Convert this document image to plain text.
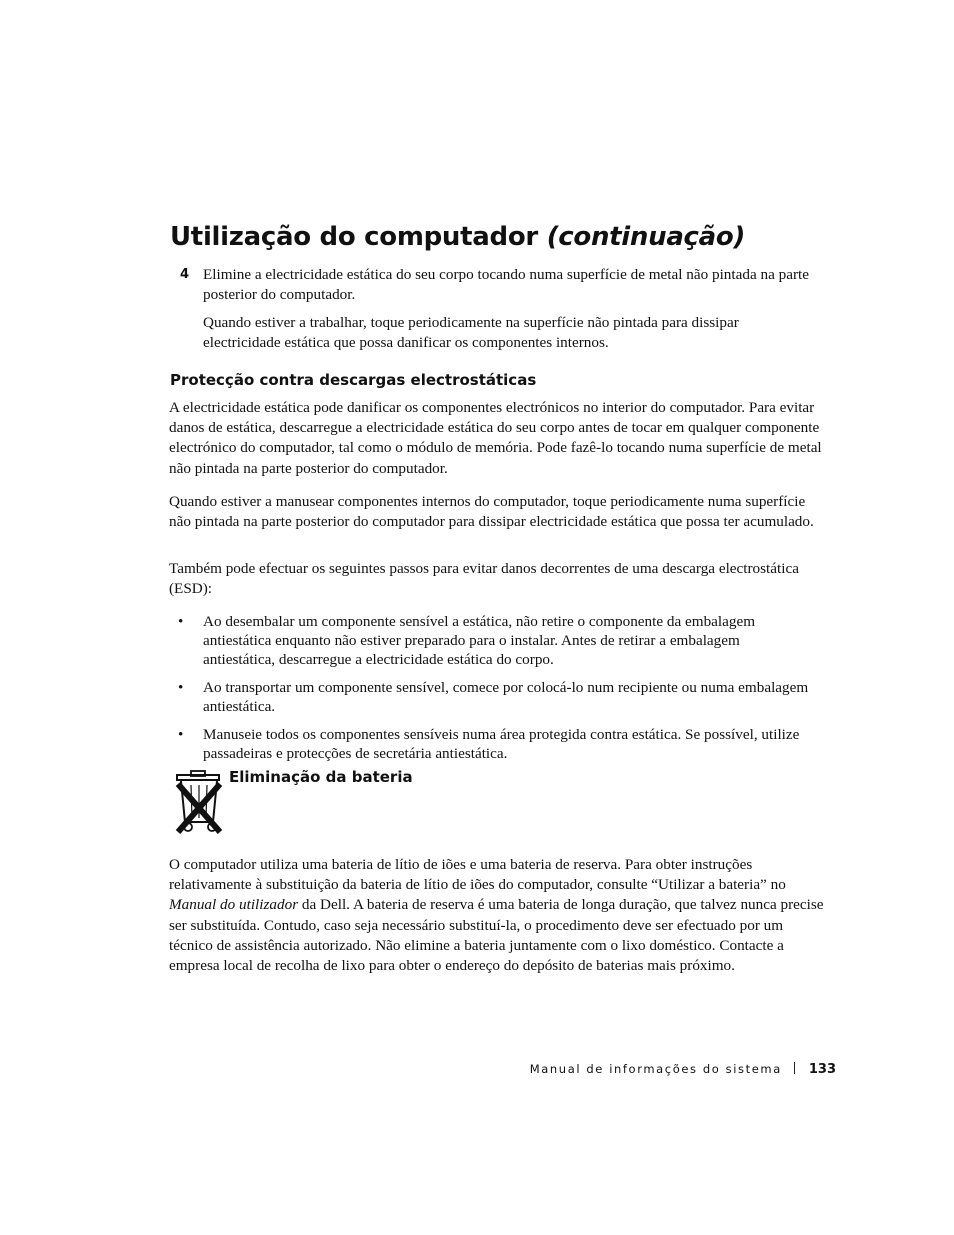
Utilização do computador (continuação)
4 Elimine a electricidade estática do seu corpo tocando numa superfície de metal não pintada na parte posterior do computador.

Quando estiver a trabalhar, toque periodicamente na superfície não pintada para dissipar electricidade estática que possa danificar os componentes internos.

Protecção contra descargas electrostáticas

A electricidade estática pode danificar os componentes electrónicos no interior do computador. Para evitar danos de estática, descarregue a electricidade estática do seu corpo antes de tocar em qualquer componente electrónico do computador, tal como o módulo de memória. Pode fazê-lo tocando numa superfície de metal não pintada na parte posterior do computador.

Quando estiver a manusear componentes internos do computador, toque periodicamente numa superfície não pintada na parte posterior do computador para dissipar electricidade estática que possa ter acumulado.

Também pode efectuar os seguintes passos para evitar danos decorrentes de uma descarga electrostática (ESD):

• Ao desembalar um componente sensível a estática, não retire o componente da embalagem antiestática enquanto não estiver preparado para o instalar. Antes de retirar a embalagem antiestática, descarregue a electricidade estática do corpo.
• Ao transportar um componente sensível, comece por colocá-lo num recipiente ou numa embalagem antiestática.
• Manuseie todos os componentes sensíveis numa área protegida contra estática. Se possível, utilize passadeiras e protecções de secretária antiestática.
Eliminação da bateria

O computador utiliza uma bateria de lítio de iões e uma bateria de reserva. Para obter instruções relativamente à substituição da bateria de lítio de iões do computador, consulte “Utilizar a bateria” no Manual do utilizador da Dell. A bateria de reserva é uma bateria de longa duração, que talvez nunca precise ser substituída. Contudo, caso seja necessário substituí-la, o procedimento deve ser efectuado por um técnico de assistência autorizado. Não elimine a bateria juntamente com o lixo doméstico. Contacte a empresa local de recolha de lixo para obter o endereço do depósito de baterias mais próximo.

Manual de informações do sistema 133
